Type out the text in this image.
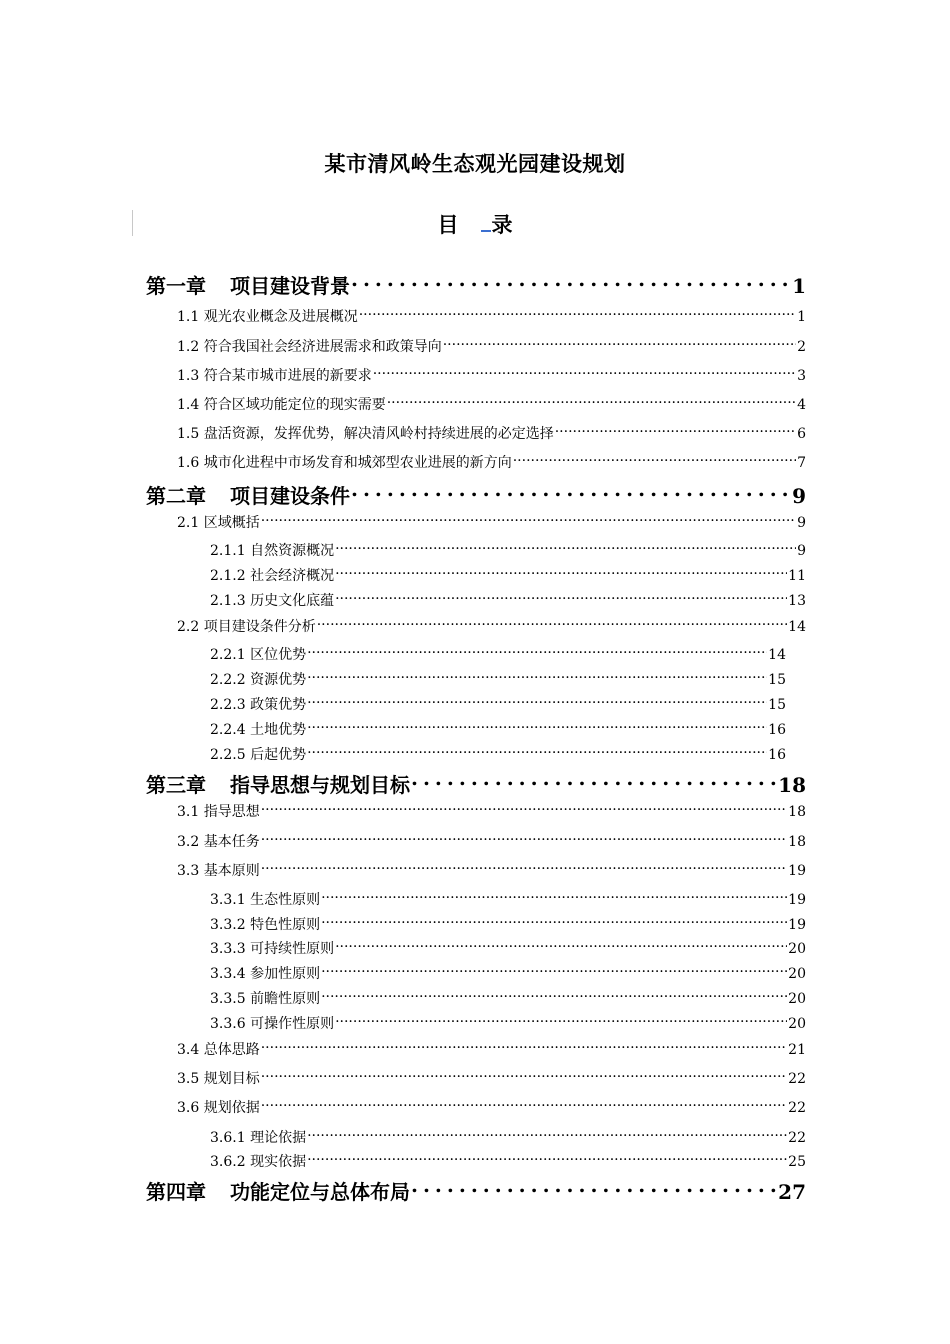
某市清风岭生态观光园建设规划
目 录
第一章 项目建设背景 .....	1
1.1 观光农业概念及进展概况 .....	1
1.2 符合我国社会经济进展需求和政策导向 .....	2
1.3 符合某市城市进展的新要求 .....	3
1.4 符合区域功能定位的现实需要 .....	4
1.5 盘活资源，发挥优势，解决清风岭村持续进展的必定选择 .....	6
1.6 城市化进程中市场发育和城郊型农业进展的新方向 .....	7
第二章 项目建设条件 .....	9
2.1 区域概括 .....	9
2.1.1 自然资源概况 .....	9
2.1.2 社会经济概况 .....	11
2.1.3 历史文化底蕴 .....	13
2.2 项目建设条件分析 .....	14
2.2.1 区位优势 .....	14
2.2.2 资源优势 .....	15
2.2.3 政策优势 .....	15
2.2.4 土地优势 .....	16
2.2.5 后起优势 .....	16
第三章 指导思想与规划目标 .....	18
3.1 指导思想 .....	18
3.2 基本任务 .....	18
3.3 基本原则 .....	19
3.3.1 生态性原则 .....	19
3.3.2 特色性原则 .....	19
3.3.3 可持续性原则 .....	20
3.3.4 参加性原则 .....	20
3.3.5 前瞻性原则 .....	20
3.3.6 可操作性原则 .....	20
3.4 总体思路 .....	21
3.5 规划目标 .....	22
3.6 规划依据 .....	22
3.6.1 理论依据 .....	22
3.6.2 现实依据 .....	25
第四章 功能定位与总体布局 .....	27
